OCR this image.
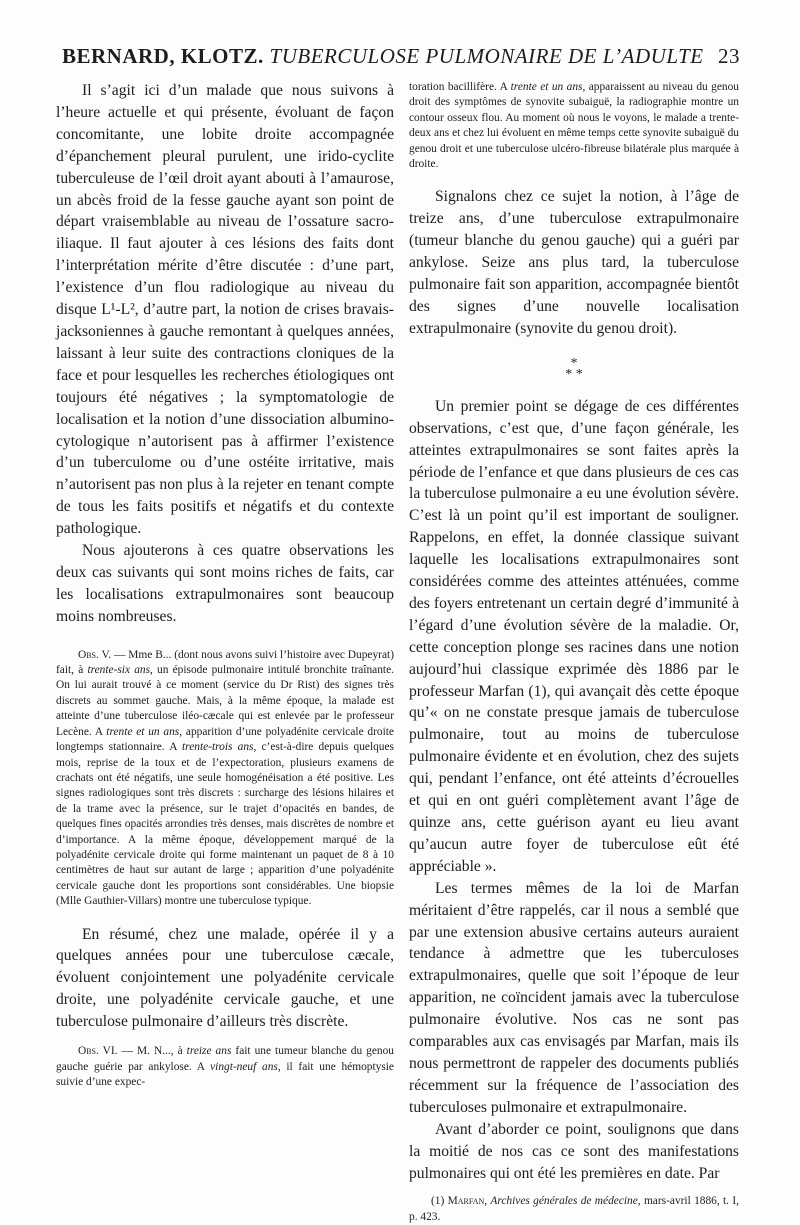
BERNARD, KLOTZ. TUBERCULOSE PULMONAIRE DE L’ADULTE 23

Il s’agit ici d’un malade que nous suivons à l’heure actuelle et qui présente, évoluant de façon concomitante, une lobite droite accompagnée d’épanchement pleural purulent, une irido-cyclite tuberculeuse de l’œil droit ayant abouti à l’amaurose, un abcès froid de la fesse gauche ayant son point de départ vraisemblable au niveau de l’ossature sacro-iliaque. Il faut ajouter à ces lésions des faits dont l’interprétation mérite d’être discutée : d’une part, l’existence d’un flou radiologique au niveau du disque L¹-L², d’autre part, la notion de crises bravais-jacksoniennes à gauche remontant à quelques années, laissant à leur suite des contractions cloniques de la face et pour lesquelles les recherches étiologiques ont toujours été négatives ; la symptomatologie de localisation et la notion d’une dissociation albumino-cytologique n’autorisent pas à affirmer l’existence d’un tuberculome ou d’une ostéite irritative, mais n’autorisent pas non plus à la rejeter en tenant compte de tous les faits positifs et négatifs et du contexte pathologique.

Nous ajouterons à ces quatre observations les deux cas suivants qui sont moins riches de faits, car les localisations extrapulmonaires sont beaucoup moins nombreuses.

Obs. V. — Mme B... (dont nous avons suivi l’histoire avec Dupeyrat) fait, à trente-six ans, un épisode pulmonaire intitulé bronchite traînante. On lui aurait trouvé à ce moment (service du Dr Rist) des signes très discrets au sommet gauche. Mais, à la même époque, la malade est atteinte d’une tuberculose iléo-cæcale qui est enlevée par le professeur Lecène. A trente et un ans, apparition d’une polyadénite cervicale droite longtemps stationnaire. A trente-trois ans, c’est-à-dire depuis quelques mois, reprise de la toux et de l’expectoration, plusieurs examens de crachats ont été négatifs, une seule homogénéisation a été positive. Les signes radiologiques sont très discrets : surcharge des lésions hilaires et de la trame avec la présence, sur le trajet d’opacités en bandes, de quelques fines opacités arrondies très denses, mais discrètes de nombre et d’importance. A la même époque, développement marqué de la polyadénite cervicale droite qui forme maintenant un paquet de 8 à 10 centimètres de haut sur autant de large ; apparition d’une polyadénite cervicale gauche dont les proportions sont considérables. Une biopsie (Mlle Gauthier-Villars) montre une tuberculose typique.

En résumé, chez une malade, opérée il y a quelques années pour une tuberculose cæcale, évoluent conjointement une polyadénite cervicale droite, une polyadénite cervicale gauche, et une tuberculose pulmonaire d’ailleurs très discrète.

Obs. VI. — M. N..., à treize ans fait une tumeur blanche du genou gauche guérie par ankylose. A vingt-neuf ans, il fait une hémoptysie suivie d’une expec-

toration bacillifère. A trente et un ans, apparaissent au niveau du genou droit des symptômes de synovite subaiguë, la radiographie montre un contour osseux flou. Au moment où nous le voyons, le malade a trente-deux ans et chez lui évoluent en même temps cette synovite subaiguë du genou droit et une tuberculose ulcéro-fibreuse bilatérale plus marquée à droite.

Signalons chez ce sujet la notion, à l’âge de treize ans, d’une tuberculose extrapulmonaire (tumeur blanche du genou gauche) qui a guéri par ankylose. Seize ans plus tard, la tuberculose pulmonaire fait son apparition, accompagnée bientôt des signes d’une nouvelle localisation extrapulmonaire (synovite du genou droit).

*
* *

Un premier point se dégage de ces différentes observations, c’est que, d’une façon générale, les atteintes extrapulmonaires se sont faites après la période de l’enfance et que dans plusieurs de ces cas la tuberculose pulmonaire a eu une évolution sévère. C’est là un point qu’il est important de souligner. Rappelons, en effet, la donnée classique suivant laquelle les localisations extrapulmonaires sont considérées comme des atteintes atténuées, comme des foyers entretenant un certain degré d’immunité à l’égard d’une évolution sévère de la maladie. Or, cette conception plonge ses racines dans une notion aujourd’hui classique exprimée dès 1886 par le professeur Marfan (1), qui avançait dès cette époque qu’« on ne constate presque jamais de tuberculose pulmonaire, tout au moins de tuberculose pulmonaire évidente et en évolution, chez des sujets qui, pendant l’enfance, ont été atteints d’écrouelles et qui en ont guéri complètement avant l’âge de quinze ans, cette guérison ayant eu lieu avant qu’aucun autre foyer de tuberculose eût été appréciable ».

Les termes mêmes de la loi de Marfan méritaient d’être rappelés, car il nous a semblé que par une extension abusive certains auteurs auraient tendance à admettre que les tuberculoses extrapulmonaires, quelle que soit l’époque de leur apparition, ne coïncident jamais avec la tuberculose pulmonaire évolutive. Nos cas ne sont pas comparables aux cas envisagés par Marfan, mais ils nous permettront de rappeler des documents publiés récemment sur la fréquence de l’association des tuberculoses pulmonaire et extrapulmonaire.

Avant d’aborder ce point, soulignons que dans la moitié de nos cas ce sont des manifestations pulmonaires qui ont été les premières en date. Par

(1) Marfan, Archives générales de médecine, mars-avril 1886, t. I, p. 423.
